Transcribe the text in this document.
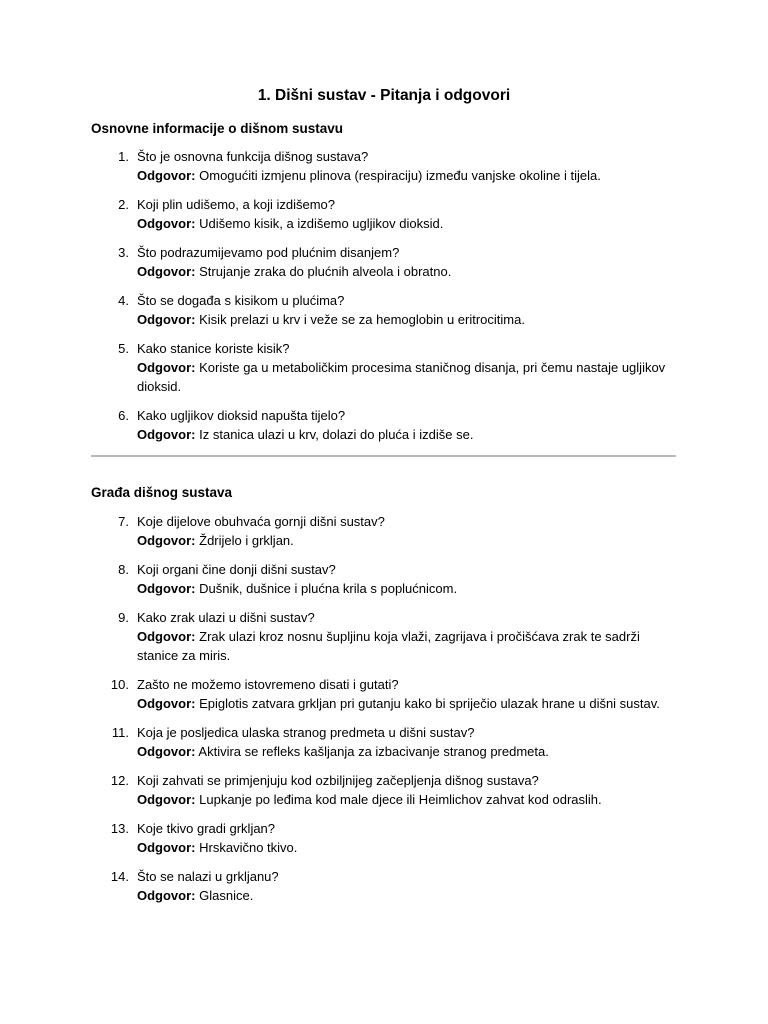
1. Dišni sustav - Pitanja i odgovori
Osnovne informacije o dišnom sustavu
1. Što je osnovna funkcija dišnog sustava?
Odgovor: Omogućiti izmjenu plinova (respiraciju) između vanjske okoline i tijela.
2. Koji plin udišemo, a koji izdišemo?
Odgovor: Udišemo kisik, a izdišemo ugljikov dioksid.
3. Što podrazumijevamo pod plućnim disanjem?
Odgovor: Strujanje zraka do plućnih alveola i obratno.
4. Što se događa s kisikom u plućima?
Odgovor: Kisik prelazi u krv i veže se za hemoglobin u eritrocitima.
5. Kako stanice koriste kisik?
Odgovor: Koriste ga u metaboličkim procesima staničnog disanja, pri čemu nastaje ugljikov dioksid.
6. Kako ugljikov dioksid napušta tijelo?
Odgovor: Iz stanica ulazi u krv, dolazi do pluća i izdiše se.
Građa dišnog sustava
7. Koje dijelove obuhvaća gornji dišni sustav?
Odgovor: Ždrijelo i grkljan.
8. Koji organi čine donji dišni sustav?
Odgovor: Dušnik, dušnice i plućna krila s poplućnicom.
9. Kako zrak ulazi u dišni sustav?
Odgovor: Zrak ulazi kroz nosnu šupljinu koja vlaži, zagrijava i pročišćava zrak te sadrži stanice za miris.
10. Zašto ne možemo istovremeno disati i gutati?
Odgovor: Epiglotis zatvara grkljan pri gutanju kako bi spriječio ulazak hrane u dišni sustav.
11. Koja je posljedica ulaska stranog predmeta u dišni sustav?
Odgovor: Aktivira se refleks kašljanja za izbacivanje stranog predmeta.
12. Koji zahvati se primjenjuju kod ozbiljnijeg začepljenja dišnog sustava?
Odgovor: Lupkanje po leđima kod male djece ili Heimlichov zahvat kod odraslih.
13. Koje tkivo gradi grkljan?
Odgovor: Hrskavično tkivo.
14. Što se nalazi u grkljanu?
Odgovor: Glasnice.
